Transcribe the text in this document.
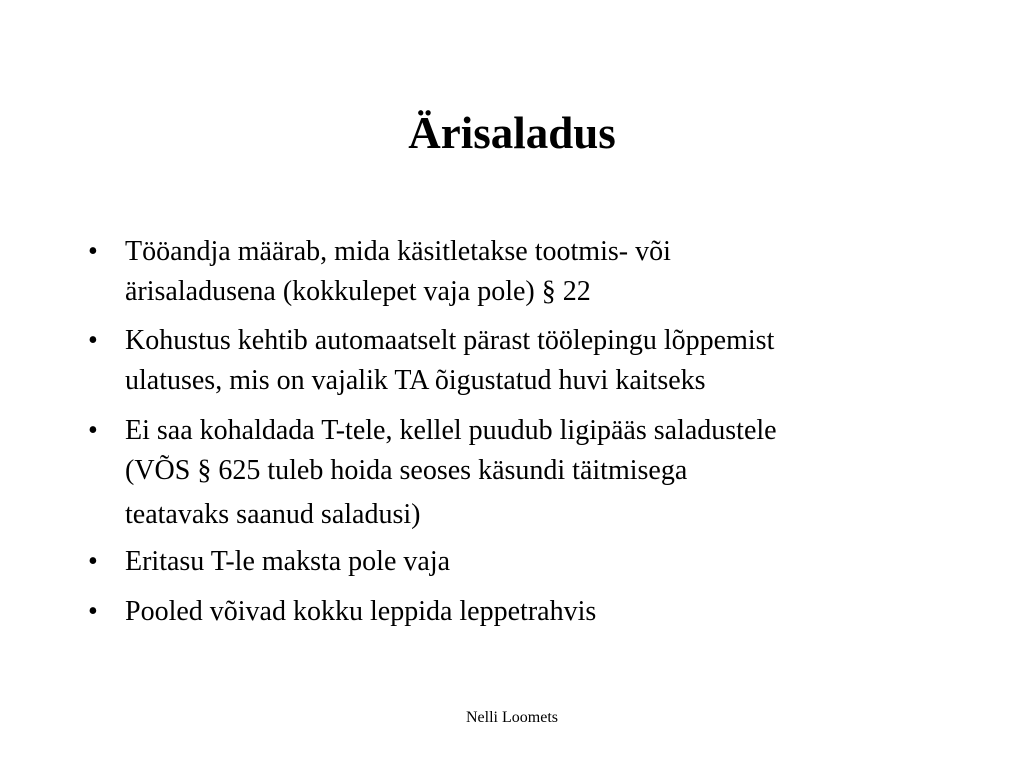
Ärisaladus
• Tööandja määrab, mida käsitletakse tootmis- või
ärisaladusena (kokkulepet vaja pole) § 22
• Kohustus kehtib automaatselt pärast töölepingu lõppemist
ulatuses, mis on vajalik TA õigustatud huvi kaitseks
• Ei saa kohaldada T-tele, kellel puudub ligipääs saladustele
(VÕS § 625 tuleb hoida seoses käsundi täitmisega
teatavaks saanud saladusi)
• Eritasu T-le maksta pole vaja
• Pooled võivad kokku leppida leppetrahvis
Nelli Loomets
